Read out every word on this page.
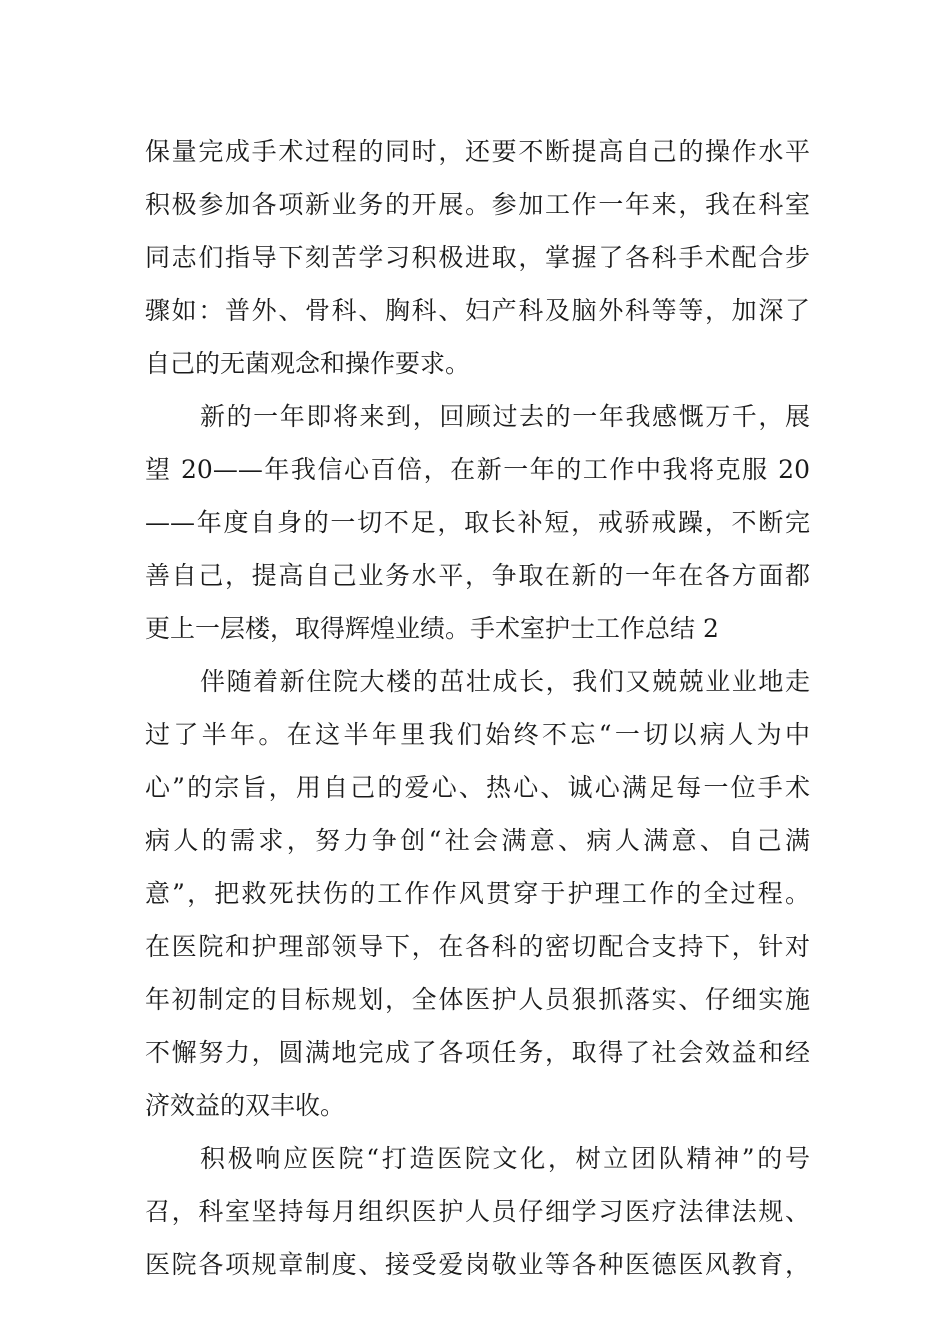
保量完成手术过程的同时，还要不断提高自己的操作水平
积极参加各项新业务的开展。参加工作一年来，我在科室
同志们指导下刻苦学习积极进取，掌握了各科手术配合步
骤如：普外、骨科、胸科、妇产科及脑外科等等，加深了
自己的无菌观念和操作要求。
新的一年即将来到，回顾过去的一年我感慨万千，展
望 20——年我信心百倍，在新一年的工作中我将克服 20
——年度自身的一切不足，取长补短，戒骄戒躁，不断完
善自己，提高自己业务水平，争取在新的一年在各方面都
更上一层楼，取得辉煌业绩。手术室护士工作总结 2
伴随着新住院大楼的茁壮成长，我们又兢兢业业地走
过了半年。在这半年里我们始终不忘“一切以病人为中
心”的宗旨，用自己的爱心、热心、诚心满足每一位手术
病人的需求，努力争创“社会满意、病人满意、自己满
意”，把救死扶伤的工作作风贯穿于护理工作的全过程。
在医院和护理部领导下，在各科的密切配合支持下，针对
年初制定的目标规划，全体医护人员狠抓落实、仔细实施
不懈努力，圆满地完成了各项任务，取得了社会效益和经
济效益的双丰收。
积极响应医院“打造医院文化，树立团队精神”的号
召，科室坚持每月组织医护人员仔细学习医疗法律法规、
医院各项规章制度、接受爱岗敬业等各种医德医风教育，
